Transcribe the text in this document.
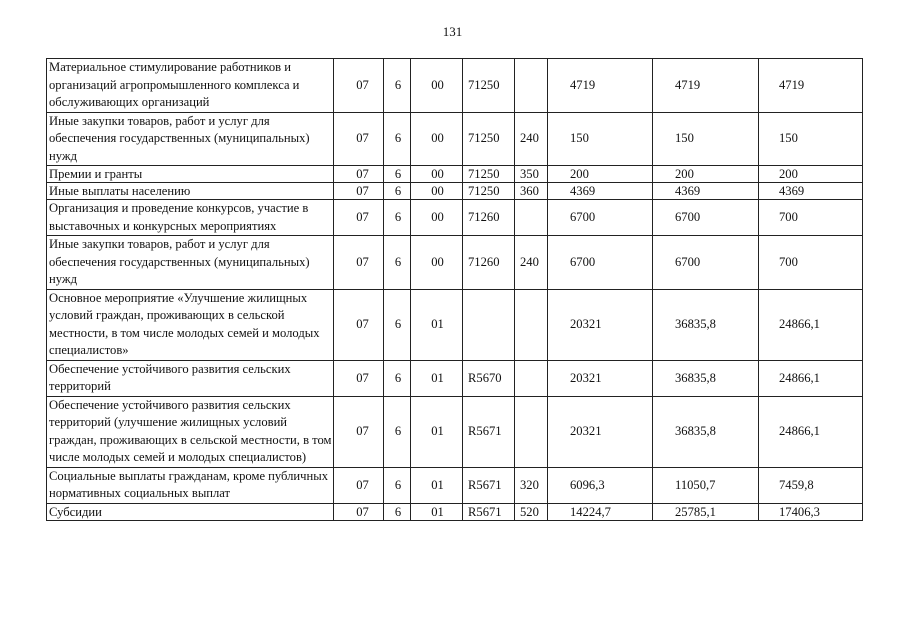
131
Материальное стимулирование работников и организаций агропромышленного комплекса и обслуживающих организаций	07	6	00	71250		4719	4719	4719
Иные закупки товаров, работ и услуг для обеспечения государственных (муниципальных) нужд	07	6	00	71250	240	150	150	150
Премии и гранты	07	6	00	71250	350	200	200	200
Иные выплаты населению	07	6	00	71250	360	4369	4369	4369
Организация и проведение конкурсов, участие в выставочных и конкурсных мероприятиях	07	6	00	71260		6700	6700	700
Иные закупки товаров, работ и услуг для обеспечения государственных (муниципальных) нужд	07	6	00	71260	240	6700	6700	700
Основное мероприятие «Улучшение жилищных условий граждан, проживающих в сельской местности, в том числе молодых семей и молодых специалистов»	07	6	01			20321	36835,8	24866,1
Обеспечение устойчивого развития сельских территорий	07	6	01	R5670		20321	36835,8	24866,1
Обеспечение устойчивого развития сельских территорий (улучшение жилищных условий граждан, проживающих в сельской местности, в том числе молодых семей и молодых специалистов)	07	6	01	R5671		20321	36835,8	24866,1
Социальные выплаты гражданам, кроме публичных нормативных социальных выплат	07	6	01	R5671	320	6096,3	11050,7	7459,8
Субсидии	07	6	01	R5671	520	14224,7	25785,1	17406,3
